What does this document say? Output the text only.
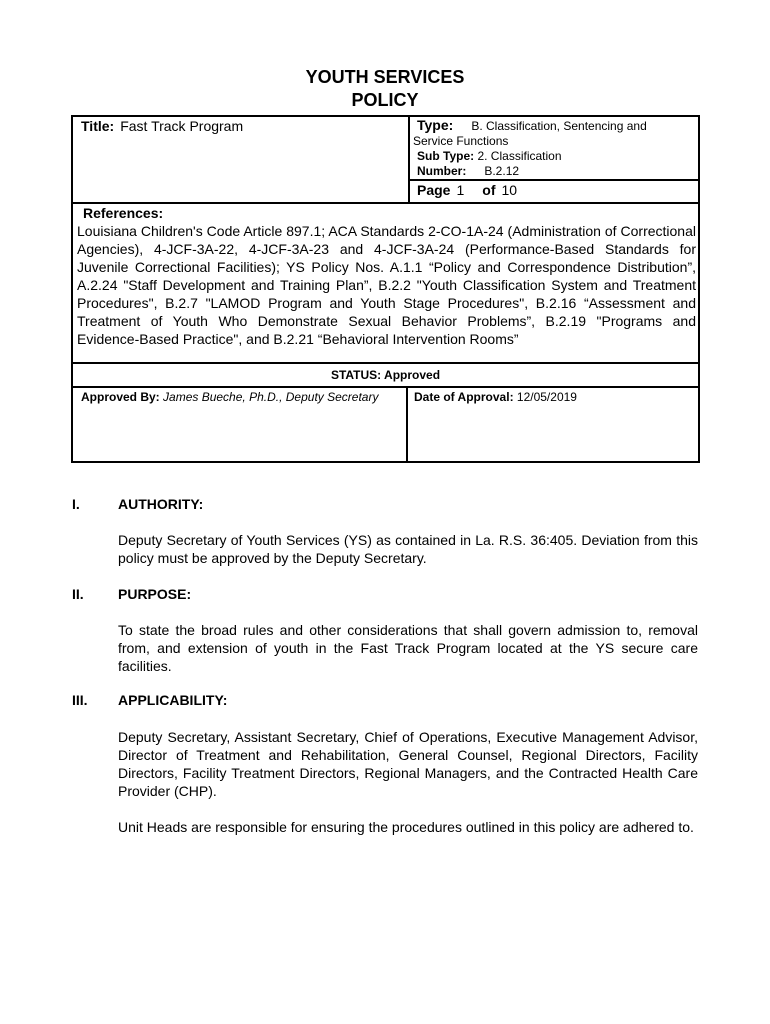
YOUTH SERVICES
POLICY
Title: Fast Track Program	Type: B. Classification, Sentencing and
Service Functions
Sub Type: 2. Classification
Number: B.2.12
Page 1 of 10
References:
Louisiana Children's Code Article 897.1; ACA Standards 2-CO-1A-24 (Administration of Correctional Agencies), 4-JCF-3A-22, 4-JCF-3A-23 and 4-JCF-3A-24 (Performance-Based Standards for Juvenile Correctional Facilities); YS Policy Nos. A.1.1 “Policy and Correspondence Distribution”, A.2.24 "Staff Development and Training Plan”, B.2.2 "Youth Classification System and Treatment Procedures", B.2.7 "LAMOD Program and Youth Stage Procedures", B.2.16 “Assessment and Treatment of Youth Who Demonstrate Sexual Behavior Problems”, B.2.19 "Programs and Evidence-Based Practice", and B.2.21 “Behavioral Intervention Rooms”
STATUS: Approved
Approved By: James Bueche, Ph.D., Deputy Secretary	Date of Approval: 12/05/2019
I.	AUTHORITY:
Deputy Secretary of Youth Services (YS) as contained in La. R.S. 36:405. Deviation from this policy must be approved by the Deputy Secretary.
II. PURPOSE:
To state the broad rules and other considerations that shall govern admission to, removal from, and extension of youth in the Fast Track Program located at the YS secure care facilities.
III. APPLICABILITY:
Deputy Secretary, Assistant Secretary, Chief of Operations, Executive Management Advisor, Director of Treatment and Rehabilitation, General Counsel, Regional Directors, Facility Directors, Facility Treatment Directors, Regional Managers, and the Contracted Health Care Provider (CHP).
Unit Heads are responsible for ensuring the procedures outlined in this policy are adhered to.
